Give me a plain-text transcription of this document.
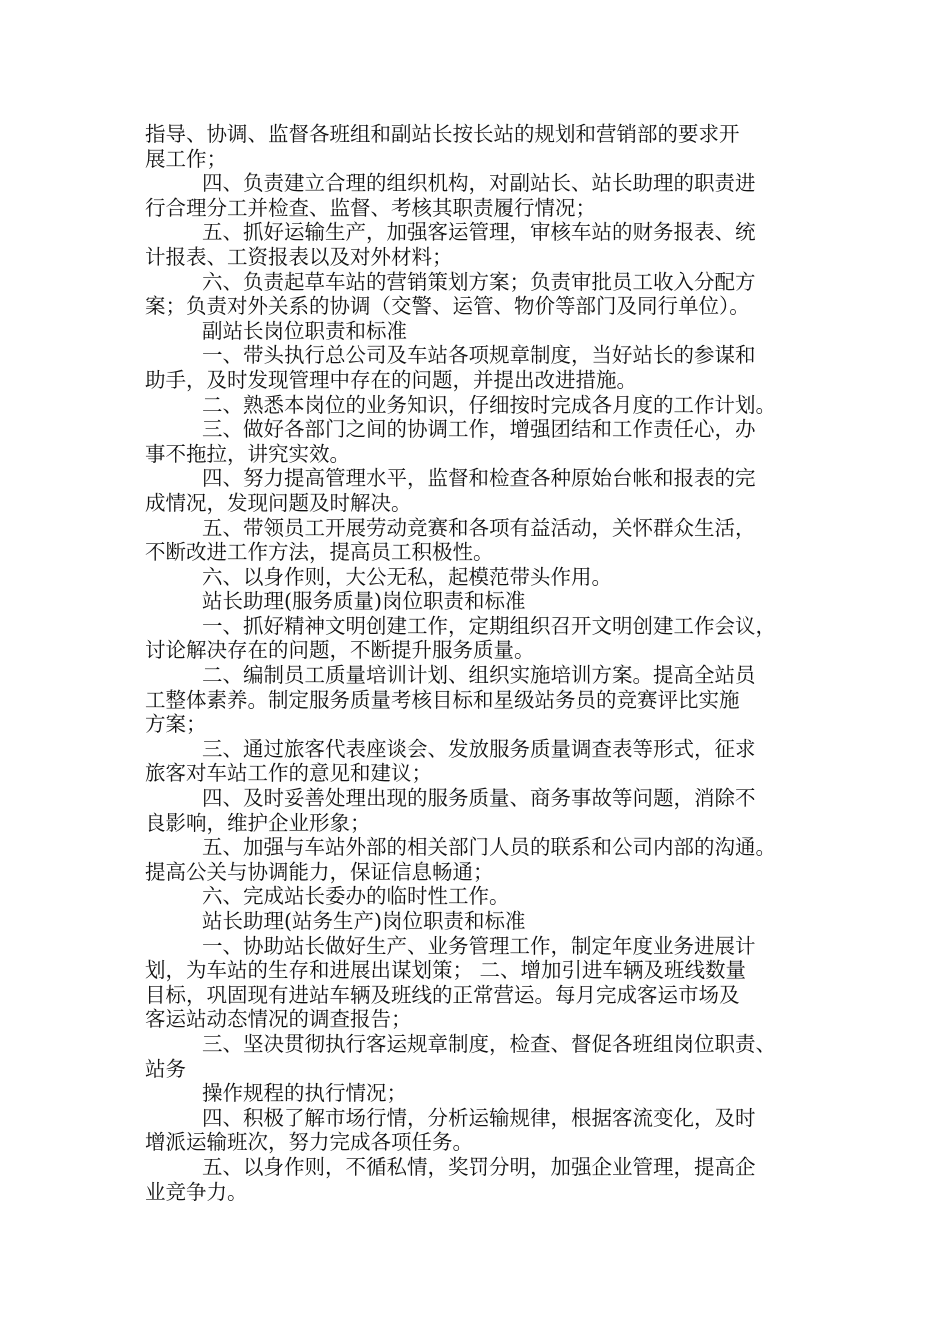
指导、协调、监督各班组和副站长按长站的规划和营销部的要求开
展工作；
四、负责建立合理的组织机构，对副站长、站长助理的职责进
行合理分工并检查、监督、考核其职责履行情况；
五、抓好运输生产，加强客运管理，审核车站的财务报表、统
计报表、工资报表以及对外材料；
六、负责起草车站的营销策划方案；负责审批员工收入分配方
案；负责对外关系的协调（交警、运管、物价等部门及同行单位）。
副站长岗位职责和标准
一、带头执行总公司及车站各项规章制度，当好站长的参谋和
助手，及时发现管理中存在的问题，并提出改进措施。
二、熟悉本岗位的业务知识，仔细按时完成各月度的工作计划。
三、做好各部门之间的协调工作，增强团结和工作责任心，办
事不拖拉，讲究实效。
四、努力提高管理水平，监督和检查各种原始台帐和报表的完
成情况，发现问题及时解决。
五、带领员工开展劳动竞赛和各项有益活动，关怀群众生活，
不断改进工作方法，提高员工积极性。
六、以身作则，大公无私，起模范带头作用。
站长助理(服务质量)岗位职责和标准
一、抓好精神文明创建工作，定期组织召开文明创建工作会议，
讨论解决存在的问题，不断提升服务质量。
二、编制员工质量培训计划、组织实施培训方案。提高全站员
工整体素养。制定服务质量考核目标和星级站务员的竞赛评比实施
方案；
三、通过旅客代表座谈会、发放服务质量调查表等形式，征求
旅客对车站工作的意见和建议；
四、及时妥善处理出现的服务质量、商务事故等问题，消除不
良影响，维护企业形象；
五、加强与车站外部的相关部门人员的联系和公司内部的沟通。
提高公关与协调能力，保证信息畅通；
六、完成站长委办的临时性工作。
站长助理(站务生产)岗位职责和标准
一、协助站长做好生产、业务管理工作，制定年度业务进展计
划，为车站的生存和进展出谋划策； 二、增加引进车辆及班线数量
目标，巩固现有进站车辆及班线的正常营运。每月完成客运市场及
客运站动态情况的调查报告；
三、坚决贯彻执行客运规章制度，检查、督促各班组岗位职责、
站务
操作规程的执行情况；
四、积极了解市场行情，分析运输规律，根据客流变化，及时
增派运输班次，努力完成各项任务。
五、以身作则，不循私情，奖罚分明，加强企业管理，提高企
业竞争力。
